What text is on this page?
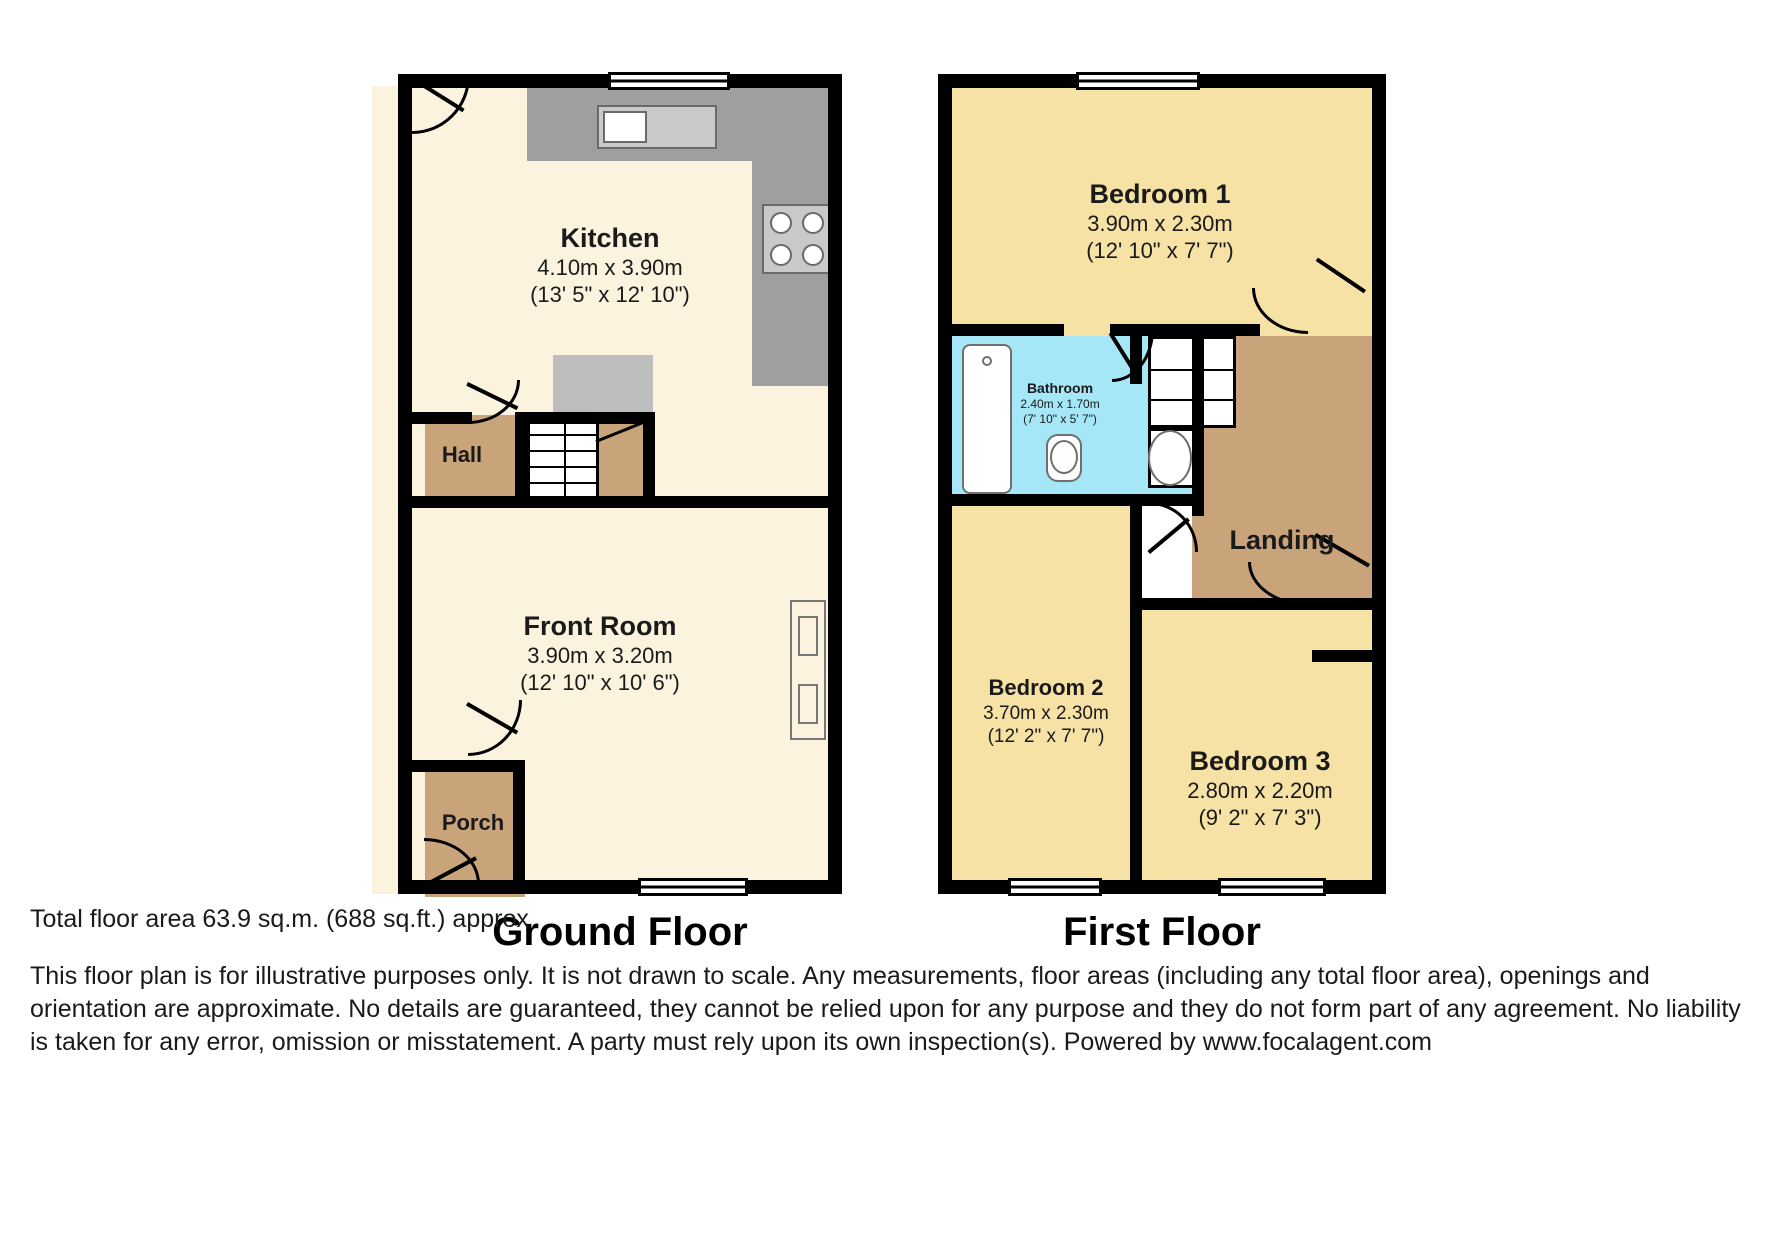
Kitchen
4.10m x 3.90m
(13' 5" x 12' 10")
Hall
Front Room
3.90m x 3.20m
(12' 10" x 10' 6")
Porch
Ground Floor
Bedroom 1
3.90m x 2.30m
(12' 10" x 7' 7")
Bathroom
2.40m x 1.70m
(7' 10" x 5' 7")
Landing
Bedroom 2
3.70m x 2.30m
(12' 2" x 7' 7")
Bedroom 3
2.80m x 2.20m
(9' 2" x 7' 3")
First Floor
Total floor area 63.9 sq.m. (688 sq.ft.) approx
This floor plan is for illustrative purposes only. It is not drawn to scale. Any measurements, floor areas (including any total floor area), openings and orientation are approximate. No details are guaranteed, they cannot be relied upon for any purpose and they do not form part of any agreement. No liability is taken for any error, omission or misstatement. A party must rely upon its own inspection(s). Powered by www.focalagent.com
